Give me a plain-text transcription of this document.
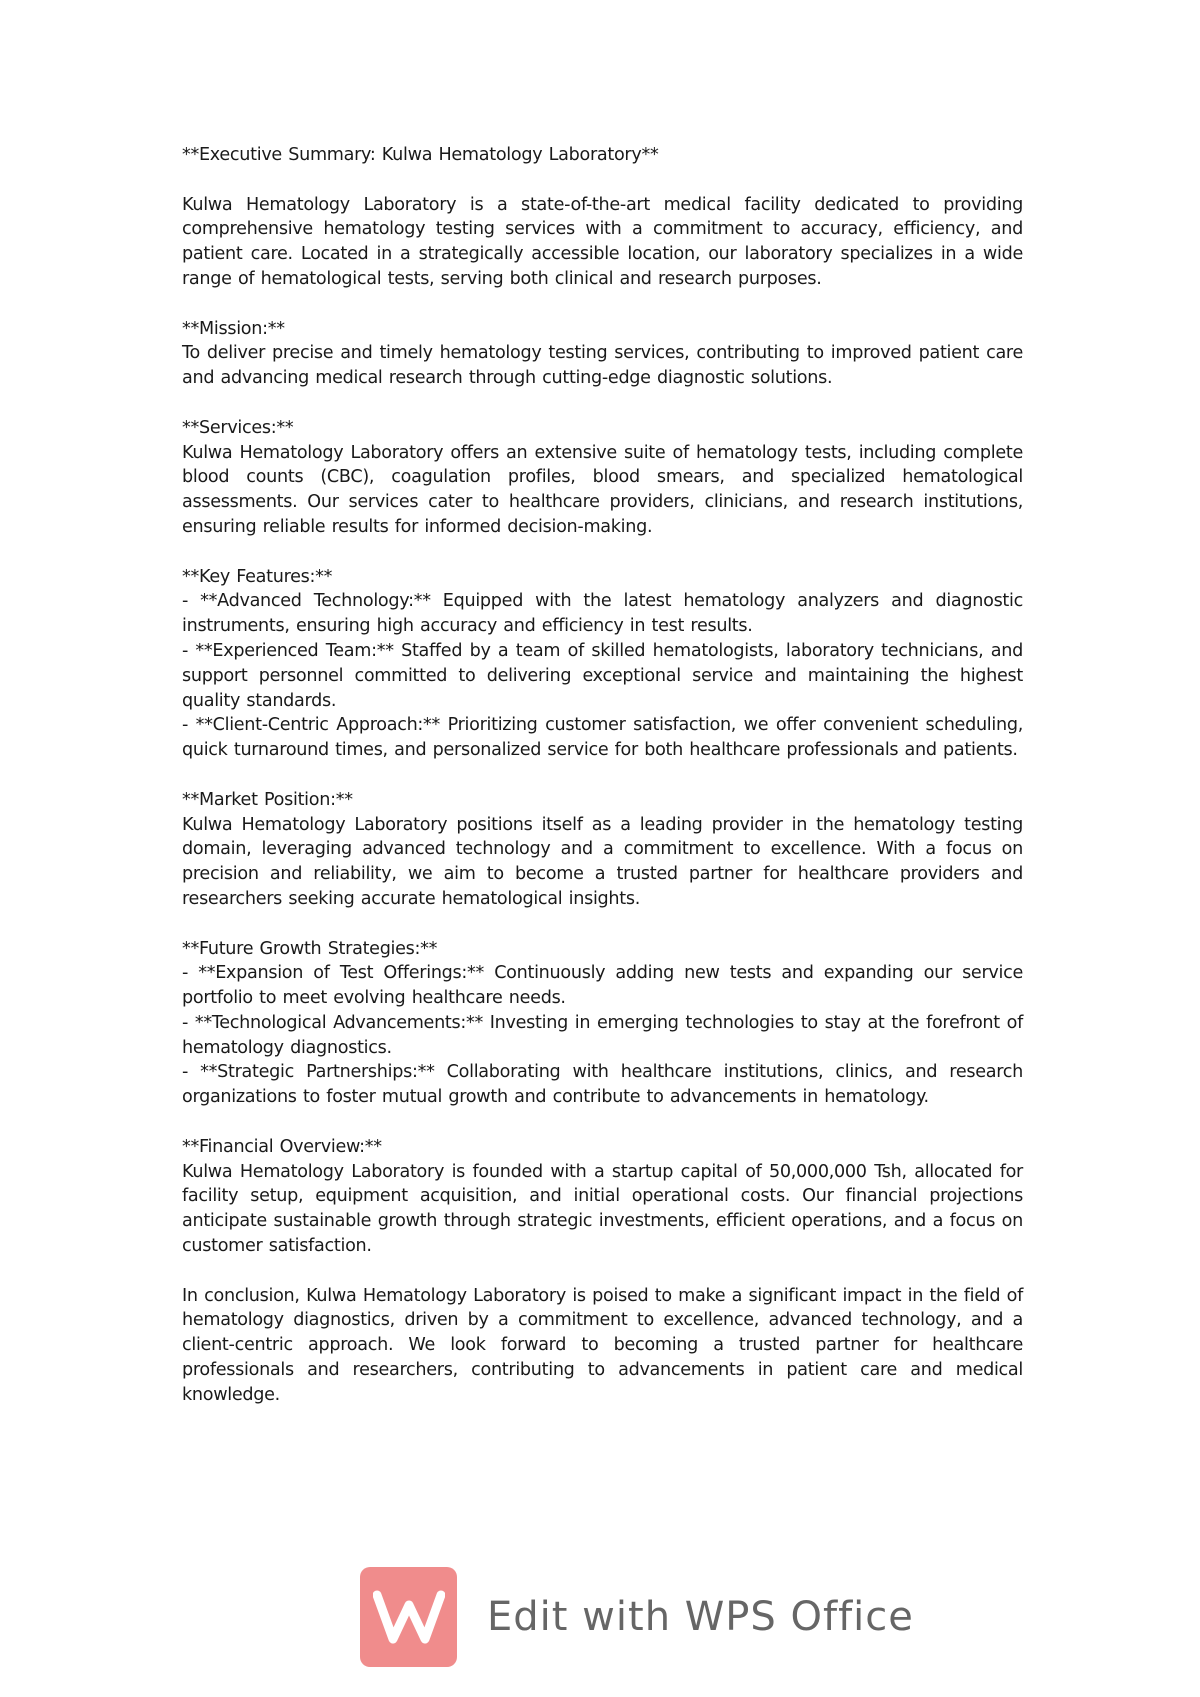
**Executive Summary: Kulwa Hematology Laboratory**

Kulwa Hematology Laboratory is a state-of-the-art medical facility dedicated to providing comprehensive hematology testing services with a commitment to accuracy, efficiency, and patient care. Located in a strategically accessible location, our laboratory specializes in a wide range of hematological tests, serving both clinical and research purposes.

**Mission:**

To deliver precise and timely hematology testing services, contributing to improved patient care and advancing medical research through cutting-edge diagnostic solutions.

**Services:**

Kulwa Hematology Laboratory offers an extensive suite of hematology tests, including complete blood counts (CBC), coagulation profiles, blood smears, and specialized hematological assessments. Our services cater to healthcare providers, clinicians, and research institutions, ensuring reliable results for informed decision-making.

**Key Features:**

- **Advanced Technology:** Equipped with the latest hematology analyzers and diagnostic instruments, ensuring high accuracy and efficiency in test results.

- **Experienced Team:** Staffed by a team of skilled hematologists, laboratory technicians, and support personnel committed to delivering exceptional service and maintaining the highest quality standards.

- **Client-Centric Approach:** Prioritizing customer satisfaction, we offer convenient scheduling, quick turnaround times, and personalized service for both healthcare professionals and patients.

**Market Position:**

Kulwa Hematology Laboratory positions itself as a leading provider in the hematology testing domain, leveraging advanced technology and a commitment to excellence. With a focus on precision and reliability, we aim to become a trusted partner for healthcare providers and researchers seeking accurate hematological insights.

**Future Growth Strategies:**

- **Expansion of Test Offerings:** Continuously adding new tests and expanding our service portfolio to meet evolving healthcare needs.

- **Technological Advancements:** Investing in emerging technologies to stay at the forefront of hematology diagnostics.

- **Strategic Partnerships:** Collaborating with healthcare institutions, clinics, and research organizations to foster mutual growth and contribute to advancements in hematology.

**Financial Overview:**

Kulwa Hematology Laboratory is founded with a startup capital of 50,000,000 Tsh, allocated for facility setup, equipment acquisition, and initial operational costs. Our financial projections anticipate sustainable growth through strategic investments, efficient operations, and a focus on customer satisfaction.

In conclusion, Kulwa Hematology Laboratory is poised to make a significant impact in the field of hematology diagnostics, driven by a commitment to excellence, advanced technology, and a client-centric approach. We look forward to becoming a trusted partner for healthcare professionals and researchers, contributing to advancements in patient care and medical knowledge.

Edit with WPS Office
